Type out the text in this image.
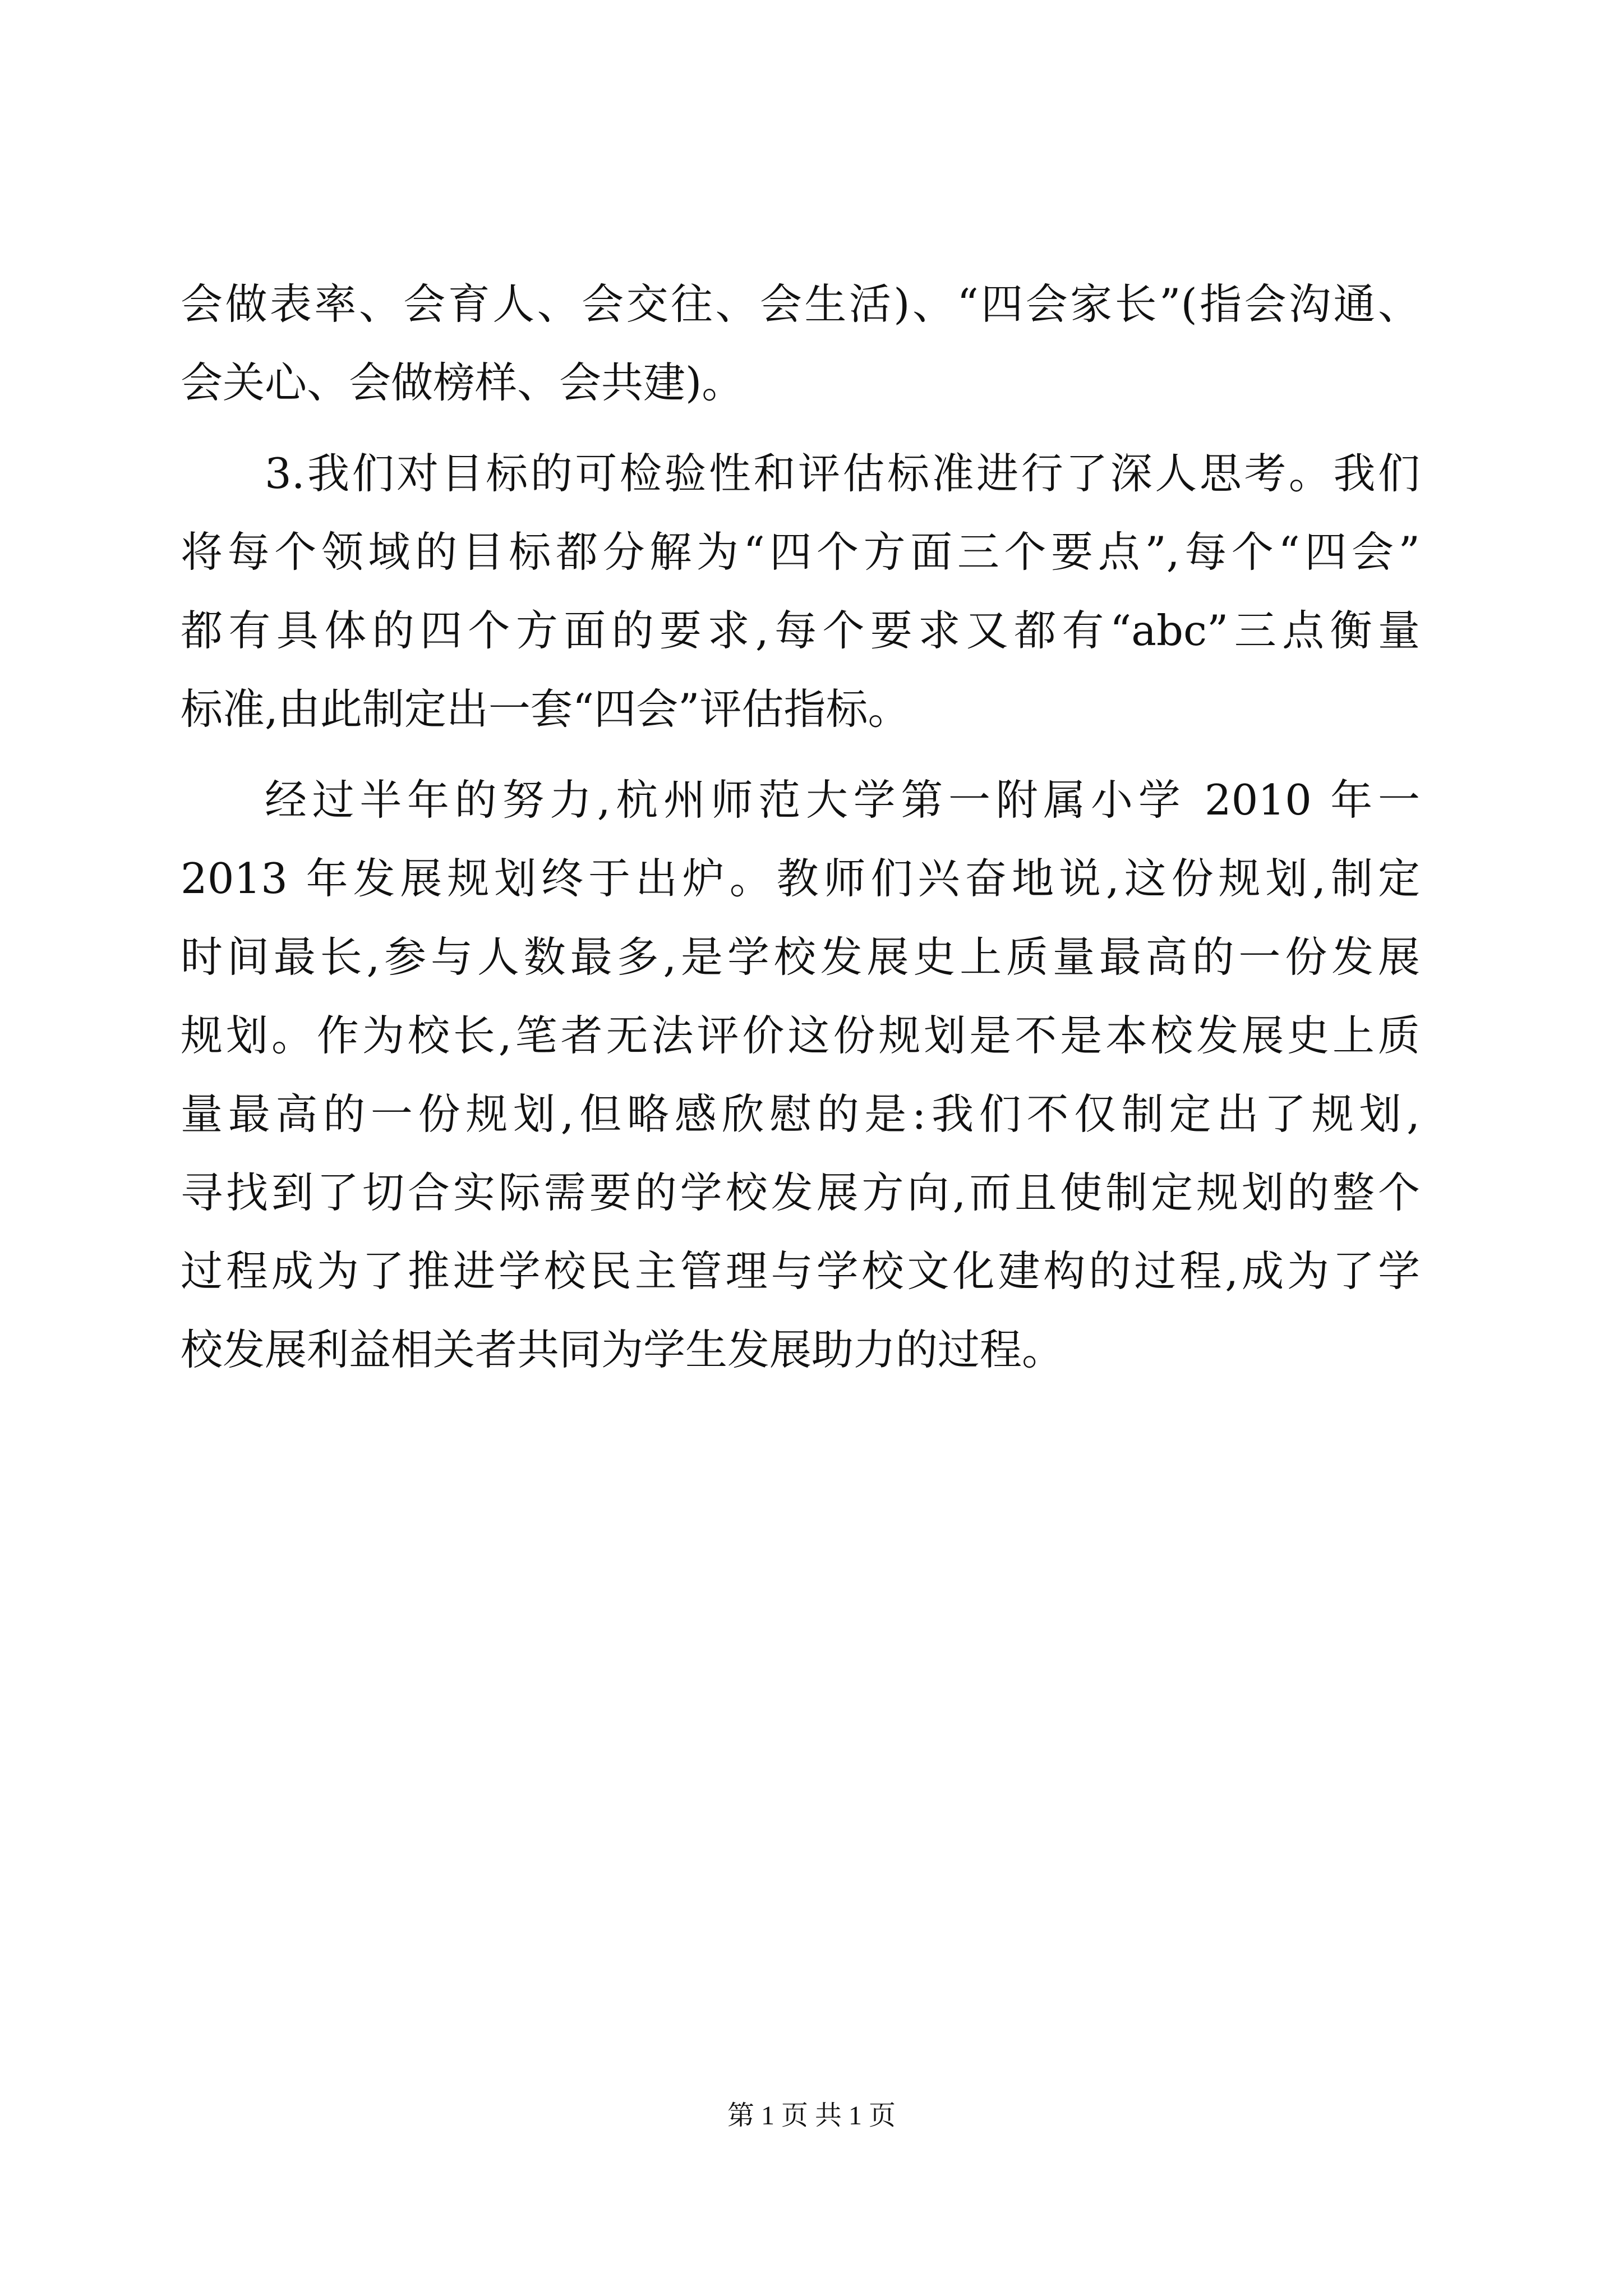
会做表率、会育人、会交往、会生活)、“四会家长”(指会沟通、
会关心、会做榜样、会共建)。
3.我们对目标的可检验性和评估标准进行了深人思考。我们
将每个领域的目标都分解为“四个方面三个要点”,每个“四会”
都有具体的四个方面的要求,每个要求又都有“abc”三点衡量
标准,由此制定出一套“四会”评估指标。
经过半年的努力,杭州师范大学第一附属小学 2010 年一
2013 年发展规划终于出炉。教师们兴奋地说,这份规划,制定
时间最长,参与人数最多,是学校发展史上质量最高的一份发展
规划。作为校长,笔者无法评价这份规划是不是本校发展史上质
量最高的一份规划,但略感欣慰的是:我们不仅制定出了规划,
寻找到了切合实际需要的学校发展方向,而且使制定规划的整个
过程成为了推进学校民主管理与学校文化建构的过程,成为了学
校发展利益相关者共同为学生发展助力的过程。
第 1 页 共 1 页
